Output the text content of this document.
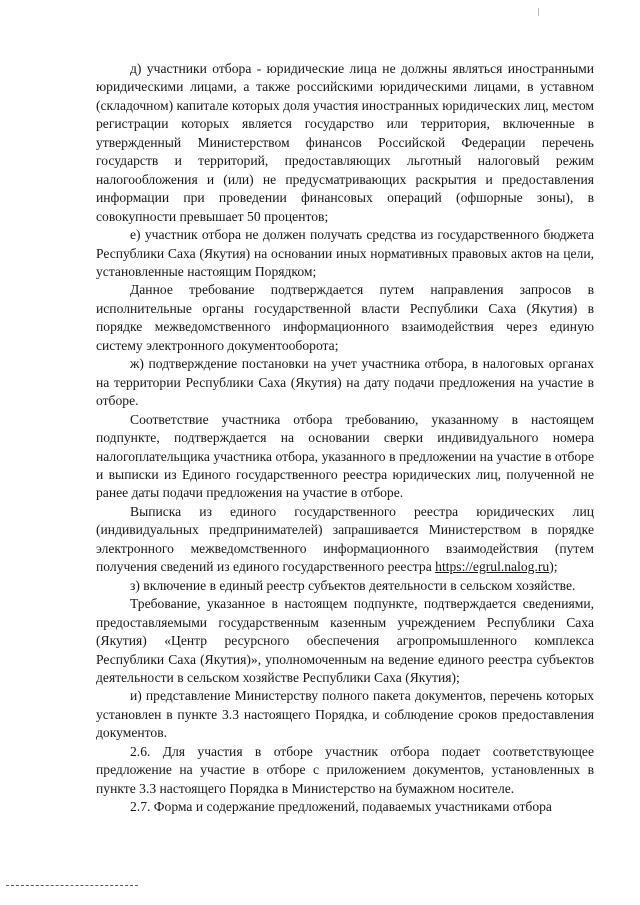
д) участники отбора - юридические лица не должны являться иностранными юридическими лицами, а также российскими юридическими лицами, в уставном (складочном) капитале которых доля участия иностранных юридических лиц, местом регистрации которых является государство или территория, включенные в утвержденный Министерством финансов Российской Федерации перечень государств и территорий, предоставляющих льготный налоговый режим налогообложения и (или) не предусматривающих раскрытия и предоставления информации при проведении финансовых операций (офшорные зоны), в совокупности превышает 50 процентов;

е) участник отбора не должен получать средства из государственного бюджета Республики Саха (Якутия) на основании иных нормативных правовых актов на цели, установленные настоящим Порядком;

Данное требование подтверждается путем направления запросов в исполнительные органы государственной власти Республики Саха (Якутия) в порядке межведомственного информационного взаимодействия через единую систему электронного документооборота;

ж) подтверждение постановки на учет участника отбора, в налоговых органах на территории Республики Саха (Якутия) на дату подачи предложения на участие в отборе.

Соответствие участника отбора требованию, указанному в настоящем подпункте, подтверждается на основании сверки индивидуального номера налогоплательщика участника отбора, указанного в предложении на участие в отборе и выписки из Единого государственного реестра юридических лиц, полученной не ранее даты подачи предложения на участие в отборе.

Выписка из единого государственного реестра юридических лиц (индивидуальных предпринимателей) запрашивается Министерством в порядке электронного межведомственного информационного взаимодействия (путем получения сведений из единого государственного реестра https://egrul.nalog.ru);

з) включение в единый реестр субъектов деятельности в сельском хозяйстве.

Требование, указанное в настоящем подпункте, подтверждается сведениями, предоставляемыми государственным казенным учреждением Республики Саха (Якутия) «Центр ресурсного обеспечения агропромышленного комплекса Республики Саха (Якутия)», уполномоченным на ведение единого реестра субъектов деятельности в сельском хозяйстве Республики Саха (Якутия);

и) представление Министерству полного пакета документов, перечень которых установлен в пункте 3.3 настоящего Порядка, и соблюдение сроков предоставления документов.

2.6. Для участия в отборе участник отбора подает соответствующее предложение на участие в отборе с приложением документов, установленных в пункте 3.3 настоящего Порядка в Министерство на бумажном носителе.

2.7. Форма и содержание предложений, подаваемых участниками отбора
